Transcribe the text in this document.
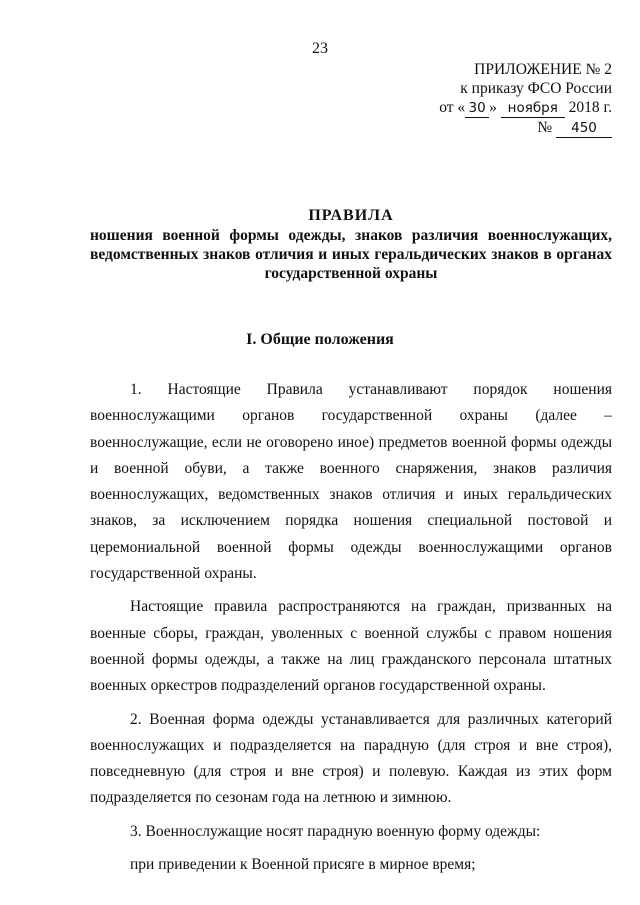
23
ПРИЛОЖЕНИЕ № 2
к приказу ФСО России
от « 30 » ноября 2018 г.
№ 450
ПРАВИЛА
ношения военной формы одежды, знаков различия военнослужащих, ведомственных знаков отличия и иных геральдических знаков в органах государственной охраны
I. Общие положения

1. Настоящие Правила устанавливают порядок ношения военнослужащими органов государственной охраны (далее – военнослужащие, если не оговорено иное) предметов военной формы одежды и военной обуви, а также военного снаряжения, знаков различия военнослужащих, ведомственных знаков отличия и иных геральдических знаков, за исключением порядка ношения специальной постовой и церемониальной военной формы одежды военнослужащими органов государственной охраны.

Настоящие правила распространяются на граждан, призванных на военные сборы, граждан, уволенных с военной службы с правом ношения военной формы одежды, а также на лиц гражданского персонала штатных военных оркестров подразделений органов государственной охраны.

2. Военная форма одежды устанавливается для различных категорий военнослужащих и подразделяется на парадную (для строя и вне строя), повседневную (для строя и вне строя) и полевую. Каждая из этих форм подразделяется по сезонам года на летнюю и зимнюю.

3. Военнослужащие носят парадную военную форму одежды:

при приведении к Военной присяге в мирное время;
